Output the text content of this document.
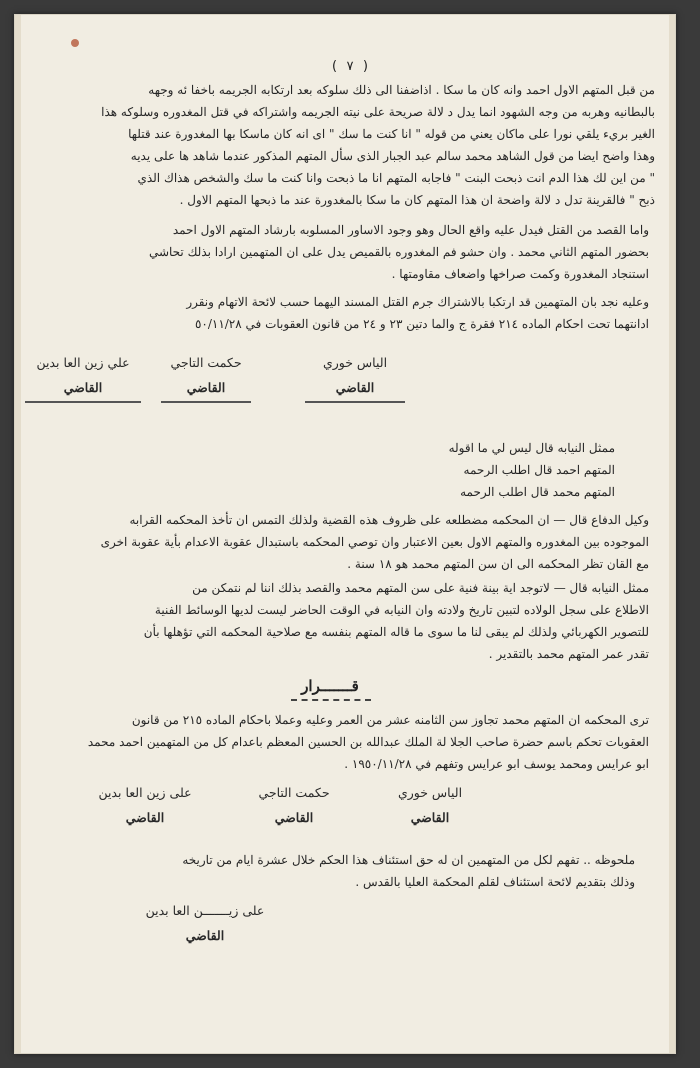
( ٧ )

من قبل المتهم الاول احمد وانه كان ما سكا . اذاضفنا الى ذلك سلوكه بعد ارتكابه الجريمه باخفا ئه وجهه

بالبطانيه وهربه من وجه الشهود انما يدل د لالة صريحة على نيته الجريمه واشتراكه في قتل المغدوره وسلوكه هذا

الغير بريء يلقي نورا على ماكان يعني من قوله " انا كنت ما سك " اى انه كان ماسكا بها المغدورة عند قتلها

وهذا واضح ايضا من قول الشاهد محمد سالم عبد الجبار الذى سأل المتهم المذكور عندما شاهد ها على يديه

" من اين لك هذا الدم انت ذبحت البنت " فاجابه المتهم انا ما ذبحت وانا كنت ما سك والشخص هذاك الذي

ذبح " فالقرينة تدل د لالة واضحة ان هذا المتهم كان ما سكا بالمغدورة عند ما ذبحها المتهم الاول .

واما القصد من القتل فيدل عليه واقع الحال وهو وجود الاساور المسلوبه بارشاد المتهم الاول احمد

بحضور المتهم الثاني محمد . وان حشو فم المغدوره بالقميص يدل على ان المتهمين ارادا بذلك تحاشي

استنجاد المغدورة وكمت صراخها واضعاف مقاومتها .

وعليه نجد بان المتهمين قد ارتكبا بالاشتراك جرم القتل المسند اليهما حسب لائحة الاتهام ونقرر

ادانتهما تحت احكام الماده ٢١٤ فقرة ج والما دتين ٢٣ و ٢٤ من قانون العقوبات في ٥٠/١١/٢٨

الياس خوري
القاضي
حكمت التاجي
القاضي
علي زين العا بدين
القاضي

ممثل النيابه قال ليس لي ما اقوله

المتهم احمد قال اطلب الرحمه

المتهم محمد قال اطلب الرحمه

وكيل الدفاع قال — ان المحكمه مضطلعه على ظروف هذه القضية ولذلك التمس ان تأخذ المحكمه القرابه

الموجوده بين المغدوره والمتهم الاول بعين الاعتبار وان توصي المحكمه باستبدال عقوبة الاعدام بأية عقوبة اخرى

مع القان تظر المحكمه الى ان سن المتهم محمد هو ١٨ سنة .

ممثل النيابه قال — لاتوجد اية بينة فنية على سن المتهم محمد والقصد بذلك اننا لم نتمكن من

الاطلاع على سجل الولاده لتبين تاريخ ولادته وان النيابه في الوقت الحاضر ليست لديها الوسائط الفنية

للتصوير الكهربائي ولذلك لم يبقى لنا ما سوى ما قاله المتهم بنفسه مع صلاحية المحكمه التي تؤهلها بأن

تقدر عمر المتهم محمد بالتقدير .

قـــــــرار

ترى المحكمه ان المتهم محمد تجاوز سن الثامنه عشر من العمر وعليه وعملا باحكام الماده ٢١٥ من قانون

العقوبات تحكم باسم حضرة صاحب الجلا لة الملك عبدالله بن الحسين المعظم باعدام كل من المتهمين احمد محمد

ابو عرايس ومحمد يوسف ابو عرايس وتفهم في ١٩٥٠/١١/٢٨ .

الياس خوري
القاضي
حكمت التاجي
القاضي
على زين العا بدين
القاضي

ملحوظه .. تفهم لكل من المتهمين ان له حق استئناف هذا الحكم خلال عشرة ايام من تاريخه

وذلك بتقديم لائحة استئناف لقلم المحكمة العليا بالقدس .

على زيـــــــن العا بدين
القاضي
